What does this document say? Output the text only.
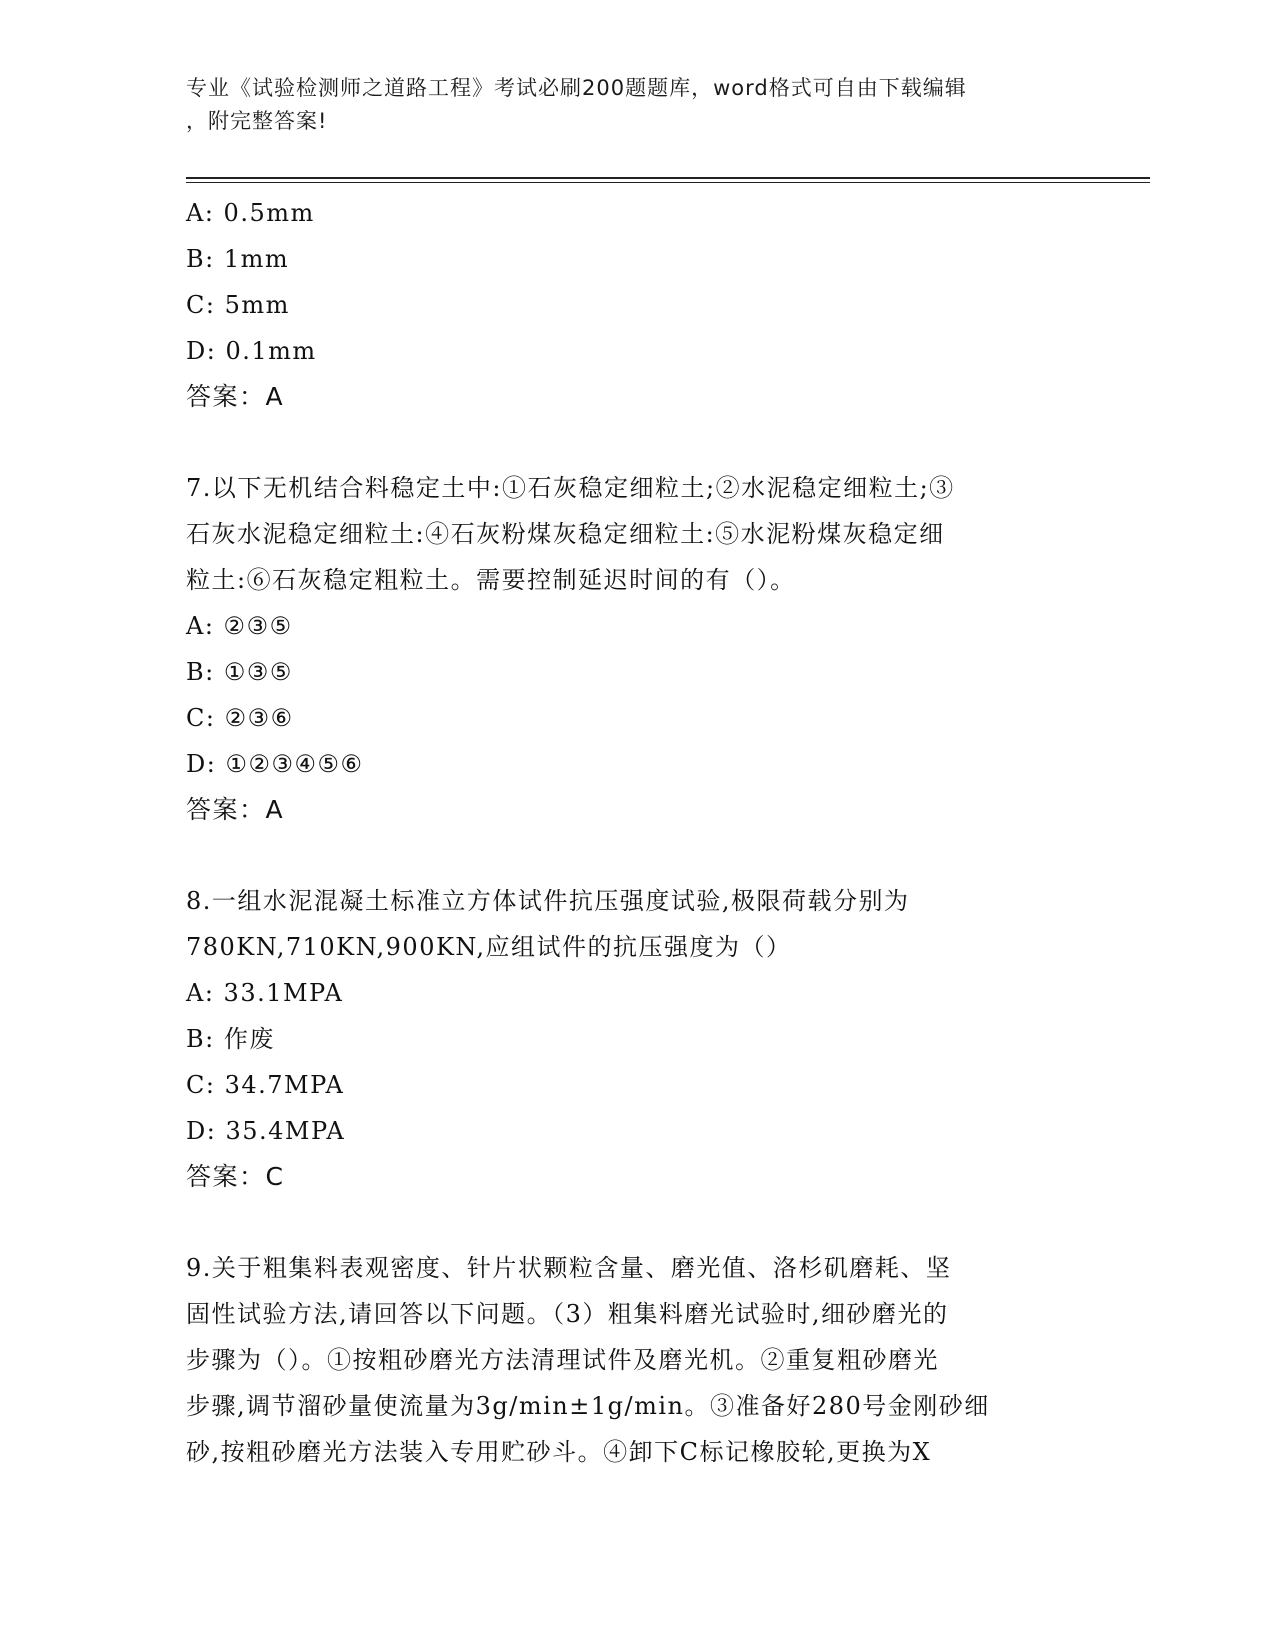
专业《试验检测师之道路工程》考试必刷200题题库，word格式可自由下载编辑
，附完整答案!
A: 0.5mm
B: 1mm
C: 5mm
D: 0.1mm
答案：A
7.以下无机结合料稳定土中:①石灰稳定细粒土;②水泥稳定细粒土;③
石灰水泥稳定细粒土:④石灰粉煤灰稳定细粒土:⑤水泥粉煤灰稳定细
粒土:⑥石灰稳定粗粒土。需要控制延迟时间的有（）。
A: ②③⑤
B: ①③⑤
C: ②③⑥
D: ①②③④⑤⑥
答案：A
8.一组水泥混凝土标准立方体试件抗压强度试验,极限荷载分别为
780KN,710KN,900KN,应组试件的抗压强度为（）
A: 33.1MPA
B: 作废
C: 34.7MPA
D: 35.4MPA
答案：C
9.关于粗集料表观密度、针片状颗粒含量、磨光值、洛杉矶磨耗、坚
固性试验方法,请回答以下问题。（3）粗集料磨光试验时,细砂磨光的
步骤为（）。①按粗砂磨光方法清理试件及磨光机。②重复粗砂磨光
步骤,调节溜砂量使流量为3g/min±1g/min。③准备好280号金刚砂细
砂,按粗砂磨光方法装入专用贮砂斗。④卸下C标记橡胶轮,更换为X
